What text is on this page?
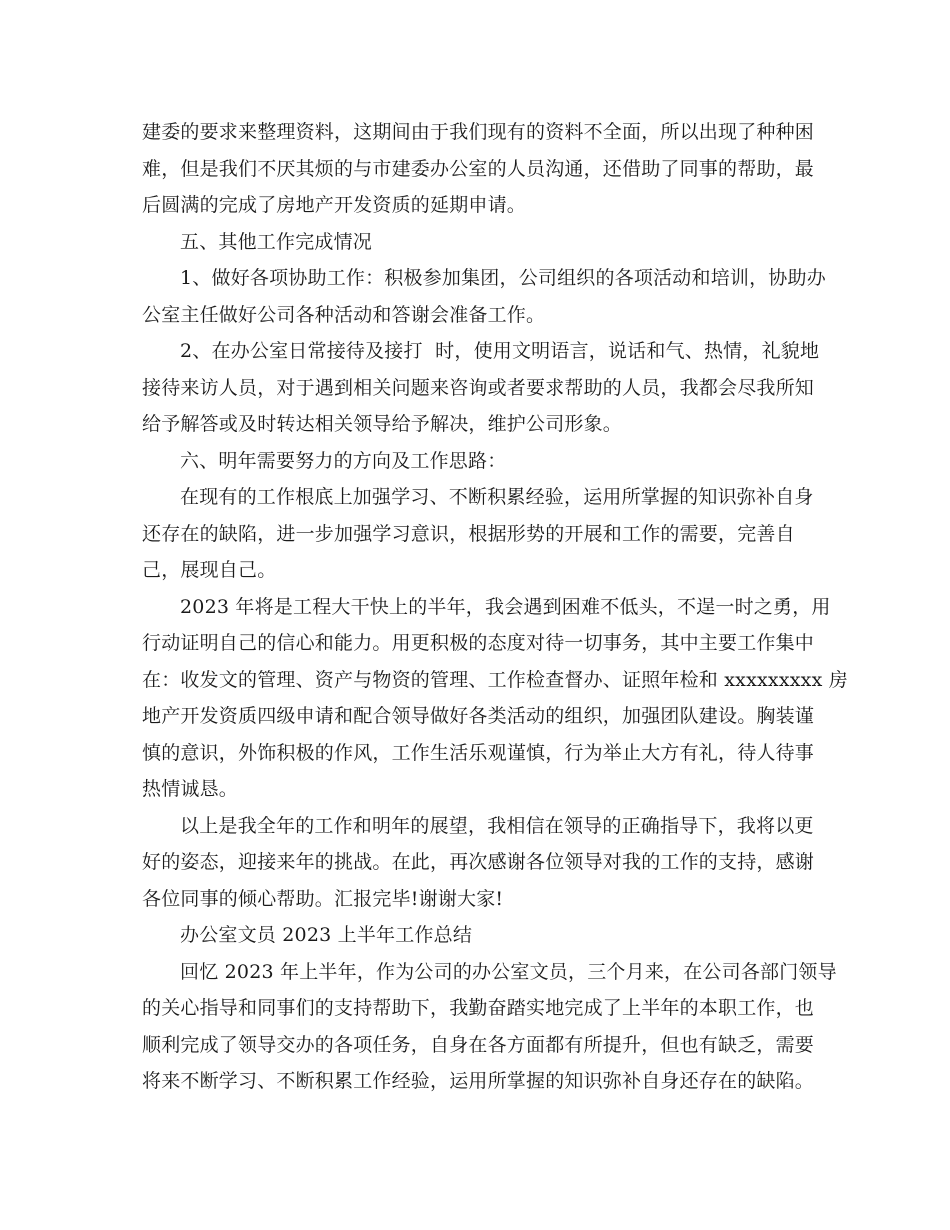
建委的要求来整理资料，这期间由于我们现有的资料不全面，所以出现了种种困
难，但是我们不厌其烦的与市建委办公室的人员沟通，还借助了同事的帮助，最
后圆满的完成了房地产开发资质的延期申请。
五、其他工作完成情况
1、做好各项协助工作：积极参加集团，公司组织的各项活动和培训，协助办
公室主任做好公司各种活动和答谢会准备工作。
2、在办公室日常接待及接打  时，使用文明语言，说话和气、热情，礼貌地
接待来访人员，对于遇到相关问题来咨询或者要求帮助的人员，我都会尽我所知
给予解答或及时转达相关领导给予解决，维护公司形象。
六、明年需要努力的方向及工作思路：
在现有的工作根底上加强学习、不断积累经验，运用所掌握的知识弥补自身
还存在的缺陷，进一步加强学习意识，根据形势的开展和工作的需要，完善自
己，展现自己。
2023 年将是工程大干快上的半年，我会遇到困难不低头，不逞一时之勇，用
行动证明自己的信心和能力。用更积极的态度对待一切事务，其中主要工作集中
在：收发文的管理、资产与物资的管理、工作检查督办、证照年检和 xxxxxxxxx 房
地产开发资质四级申请和配合领导做好各类活动的组织，加强团队建设。胸装谨
慎的意识，外饰积极的作风，工作生活乐观谨慎，行为举止大方有礼，待人待事
热情诚恳。
以上是我全年的工作和明年的展望，我相信在领导的正确指导下，我将以更
好的姿态，迎接来年的挑战。在此，再次感谢各位领导对我的工作的支持，感谢
各位同事的倾心帮助。汇报完毕!谢谢大家!
办公室文员 2023 上半年工作总结
回忆 2023 年上半年，作为公司的办公室文员，三个月来，在公司各部门领导
的关心指导和同事们的支持帮助下，我勤奋踏实地完成了上半年的本职工作，也
顺利完成了领导交办的各项任务，自身在各方面都有所提升，但也有缺乏，需要
将来不断学习、不断积累工作经验，运用所掌握的知识弥补自身还存在的缺陷。
